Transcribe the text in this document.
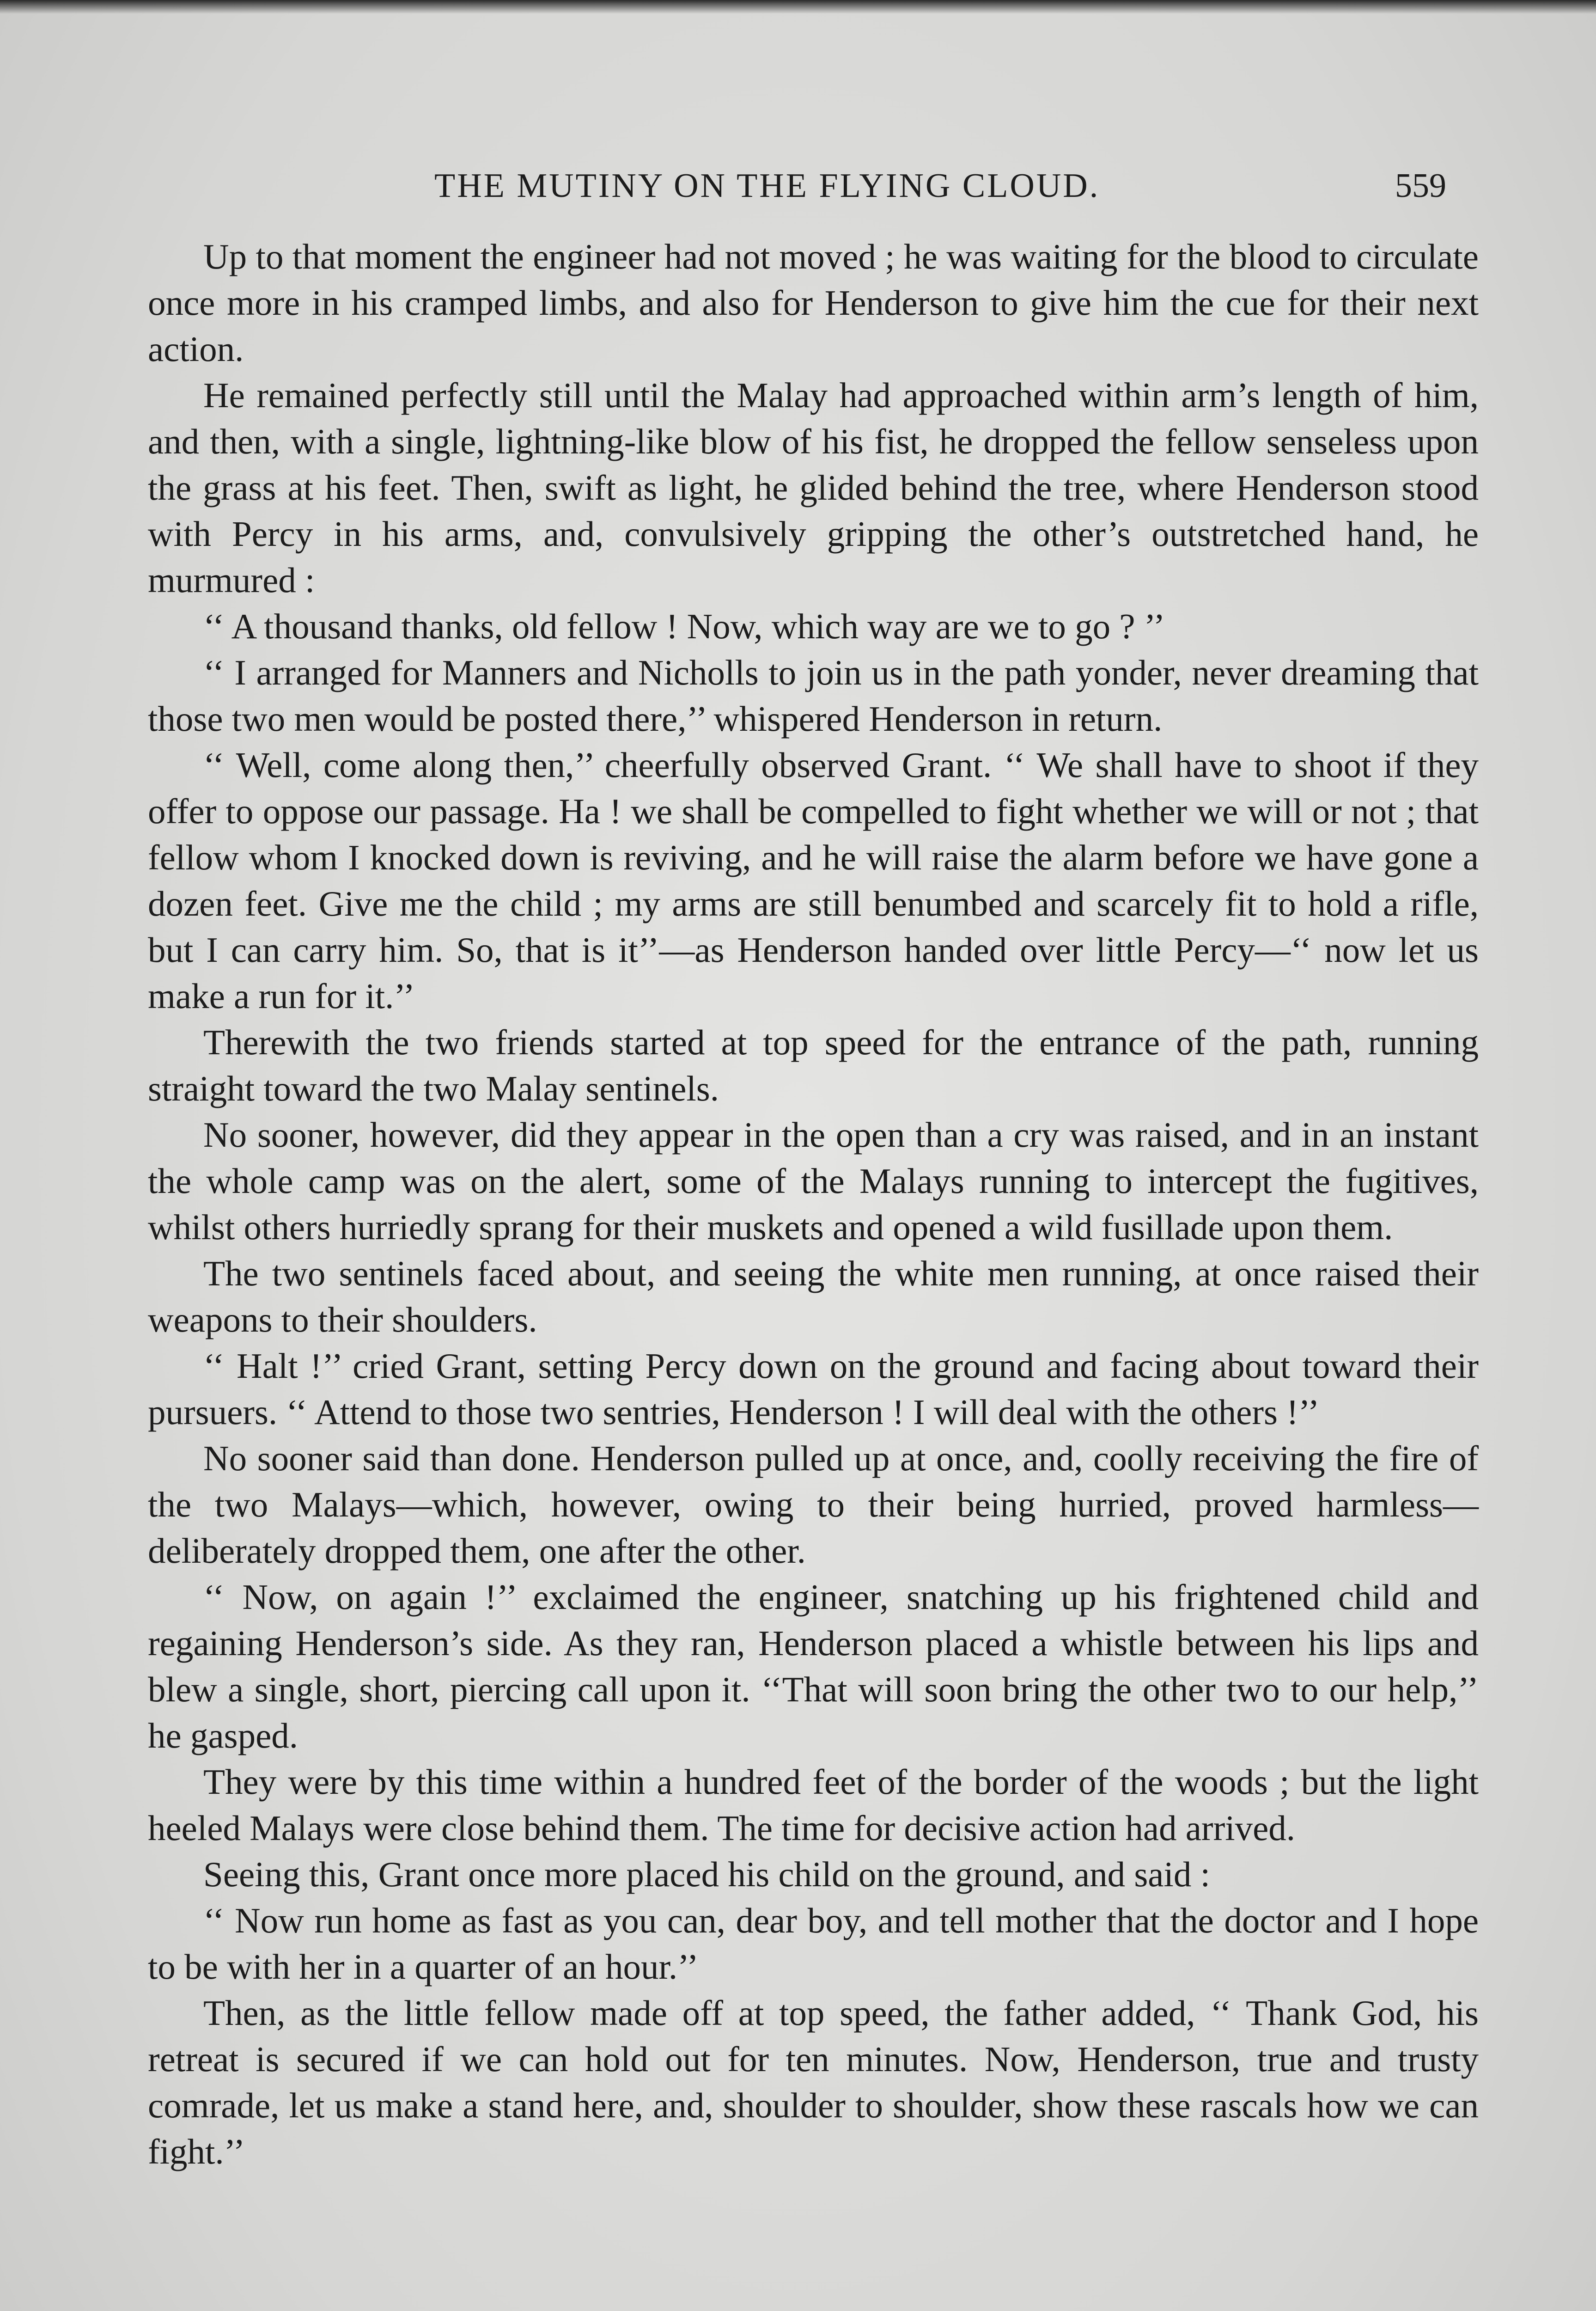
THE MUTINY ON THE FLYING CLOUD.	559

Up to that moment the engineer had not moved ; he was waiting for the blood to circulate once more in his cramped limbs, and also for Henderson to give him the cue for their next action.

He remained perfectly still until the Malay had approached within arm’s length of him, and then, with a single, lightning-like blow of his fist, he dropped the fellow senseless upon the grass at his feet. Then, swift as light, he glided behind the tree, where Henderson stood with Percy in his arms, and, convulsively gripping the other’s outstretched hand, he murmured :

‘‘ A thousand thanks, old fellow ! Now, which way are we to go ? ’’

‘‘ I arranged for Manners and Nicholls to join us in the path yonder, never dreaming that those two men would be posted there,’’ whispered Henderson in return.

‘‘ Well, come along then,’’ cheerfully observed Grant. ‘‘ We shall have to shoot if they offer to oppose our passage. Ha ! we shall be compelled to fight whether we will or not ; that fellow whom I knocked down is reviving, and he will raise the alarm before we have gone a dozen feet. Give me the child ; my arms are still benumbed and scarcely fit to hold a rifle, but I can carry him. So, that is it’’—as Henderson handed over little Percy—‘‘ now let us make a run for it.’’

Therewith the two friends started at top speed for the entrance of the path, running straight toward the two Malay sentinels.

No sooner, however, did they appear in the open than a cry was raised, and in an instant the whole camp was on the alert, some of the Malays running to intercept the fugitives, whilst others hurriedly sprang for their muskets and opened a wild fusillade upon them.

The two sentinels faced about, and seeing the white men running, at once raised their weapons to their shoulders.

‘‘ Halt !’’ cried Grant, setting Percy down on the ground and facing about toward their pursuers. ‘‘ Attend to those two sentries, Henderson ! I will deal with the others !’’

No sooner said than done. Henderson pulled up at once, and, coolly receiving the fire of the two Malays—which, however, owing to their being hurried, proved harmless—deliberately dropped them, one after the other.

‘‘ Now, on again !’’ exclaimed the engineer, snatching up his frightened child and regaining Henderson’s side. As they ran, Henderson placed a whistle between his lips and blew a single, short, piercing call upon it. ‘‘That will soon bring the other two to our help,’’ he gasped.

They were by this time within a hundred feet of the border of the woods ; but the light heeled Malays were close behind them. The time for decisive action had arrived.

Seeing this, Grant once more placed his child on the ground, and said :

‘‘ Now run home as fast as you can, dear boy, and tell mother that the doctor and I hope to be with her in a quarter of an hour.’’

Then, as the little fellow made off at top speed, the father added, ‘‘ Thank God, his retreat is secured if we can hold out for ten minutes. Now, Henderson, true and trusty comrade, let us make a stand here, and, shoulder to shoulder, show these rascals how we can fight.’’
